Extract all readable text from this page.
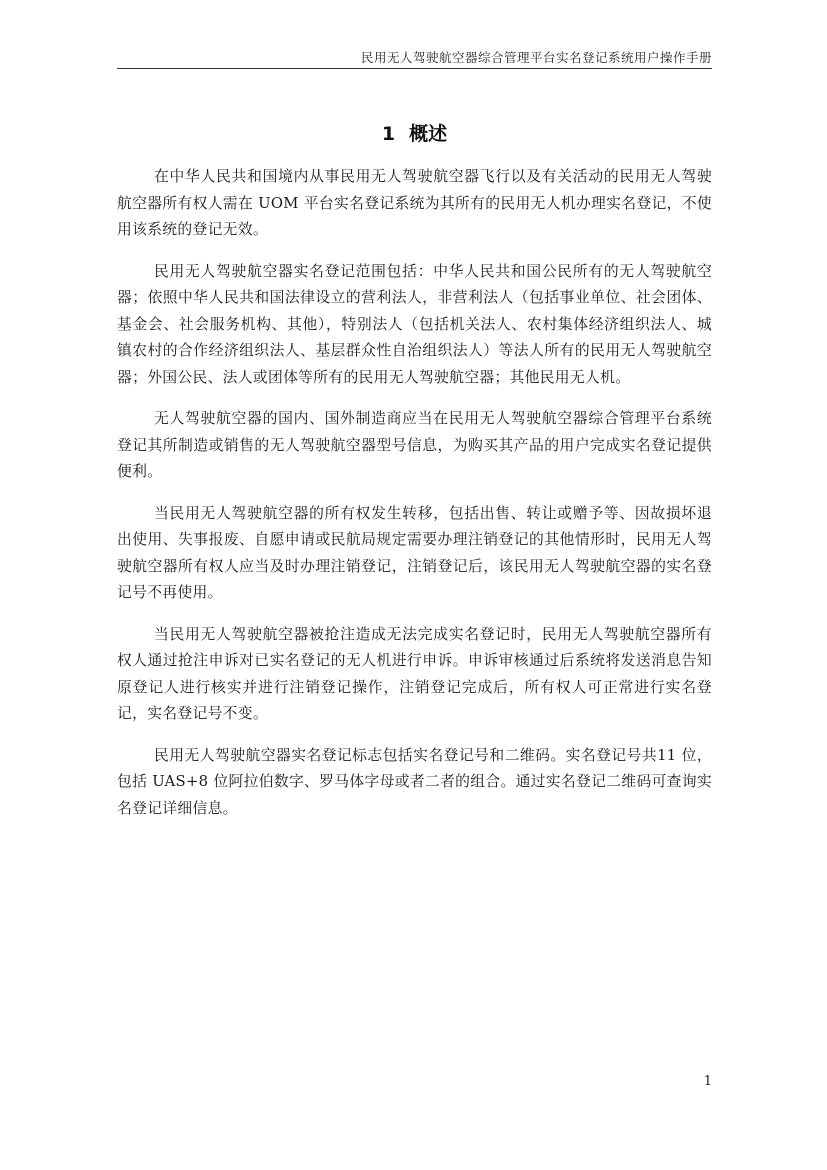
民用无人驾驶航空器综合管理平台实名登记系统用户操作手册
1 概述

在中华人民共和国境内从事民用无人驾驶航空器飞行以及有关活动的民用无人驾驶航空器所有权人需在 UOM 平台实名登记系统为其所有的民用无人机办理实名登记，不使用该系统的登记无效。

民用无人驾驶航空器实名登记范围包括：中华人民共和国公民所有的无人驾驶航空器；依照中华人民共和国法律设立的营利法人，非营利法人（包括事业单位、社会团体、基金会、社会服务机构、其他），特别法人（包括机关法人、农村集体经济组织法人、城镇农村的合作经济组织法人、基层群众性自治组织法人）等法人所有的民用无人驾驶航空器；外国公民、法人或团体等所有的民用无人驾驶航空器；其他民用无人机。

无人驾驶航空器的国内、国外制造商应当在民用无人驾驶航空器综合管理平台系统登记其所制造或销售的无人驾驶航空器型号信息，为购买其产品的用户完成实名登记提供便利。

当民用无人驾驶航空器的所有权发生转移，包括出售、转让或赠予等、因故损坏退出使用、失事报废、自愿申请或民航局规定需要办理注销登记的其他情形时，民用无人驾驶航空器所有权人应当及时办理注销登记，注销登记后，该民用无人驾驶航空器的实名登记号不再使用。

当民用无人驾驶航空器被抢注造成无法完成实名登记时，民用无人驾驶航空器所有权人通过抢注申诉对已实名登记的无人机进行申诉。申诉审核通过后系统将发送消息告知原登记人进行核实并进行注销登记操作，注销登记完成后，所有权人可正常进行实名登记，实名登记号不变。

民用无人驾驶航空器实名登记标志包括实名登记号和二维码。实名登记号共11 位，包括 UAS+8 位阿拉伯数字、罗马体字母或者二者的组合。通过实名登记二维码可查询实名登记详细信息。

1
